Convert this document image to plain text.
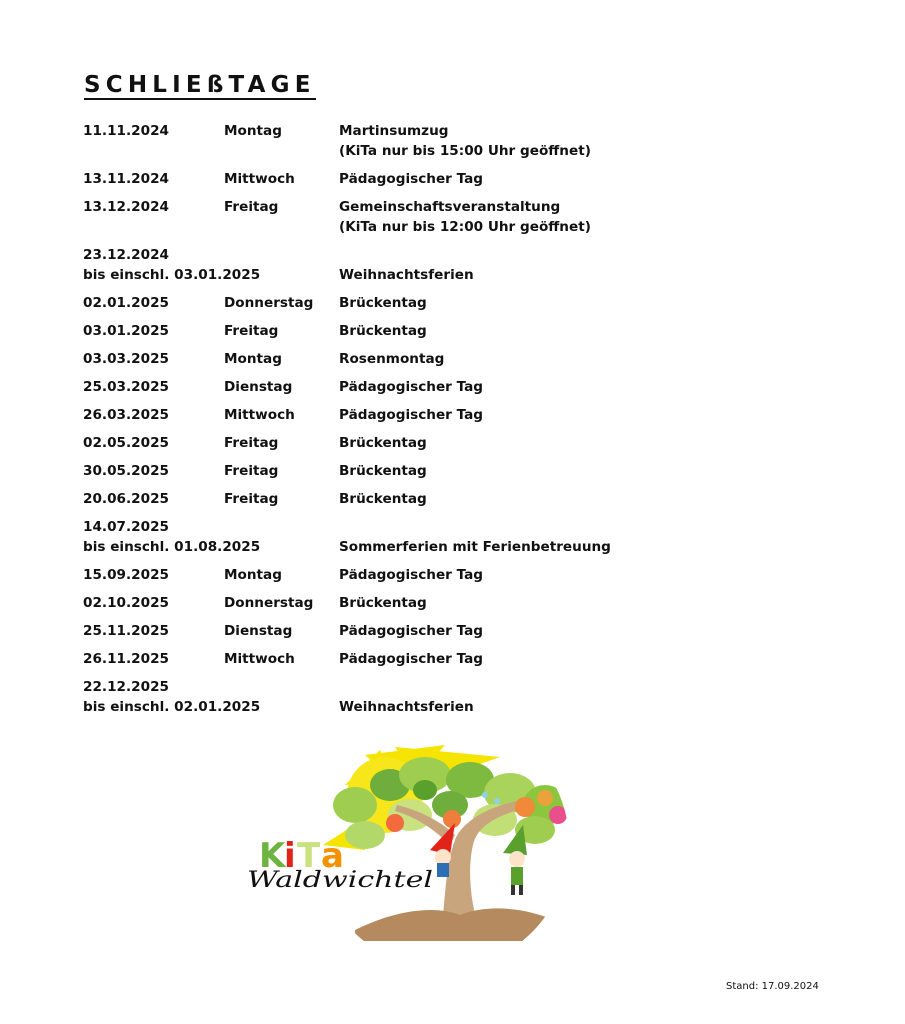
SCHLIEßTAGE
11.11.2024	Montag	Martinsumzug
(KiTa nur bis 15:00 Uhr geöffnet)
13.11.2024	Mittwoch	Pädagogischer Tag
13.12.2024	Freitag	Gemeinschaftsveranstaltung
(KiTa nur bis 12:00 Uhr geöffnet)
23.12.2024
bis einschl. 03.01.2025	Weihnachtsferien
02.01.2025	Donnerstag Brückentag
03.01.2025	Freitag	Brückentag
03.03.2025	Montag	Rosenmontag
25.03.2025	Dienstag	Pädagogischer Tag
26.03.2025	Mittwoch	Pädagogischer Tag
02.05.2025	Freitag	Brückentag
30.05.2025	Freitag	Brückentag
20.06.2025	Freitag	Brückentag
14.07.2025
bis einschl. 01.08.2025	Sommerferien mit Ferienbetreuung
15.09.2025	Montag	Pädagogischer Tag
02.10.2025	Donnerstag Brückentag
25.11.2025	Dienstag	Pädagogischer Tag
26.11.2025	Mittwoch	Pädagogischer Tag
22.12.2025
bis einschl. 02.01.2025	Weihnachtsferien
K
i T a
Waldwichtel
Stand: 17.09.2024
